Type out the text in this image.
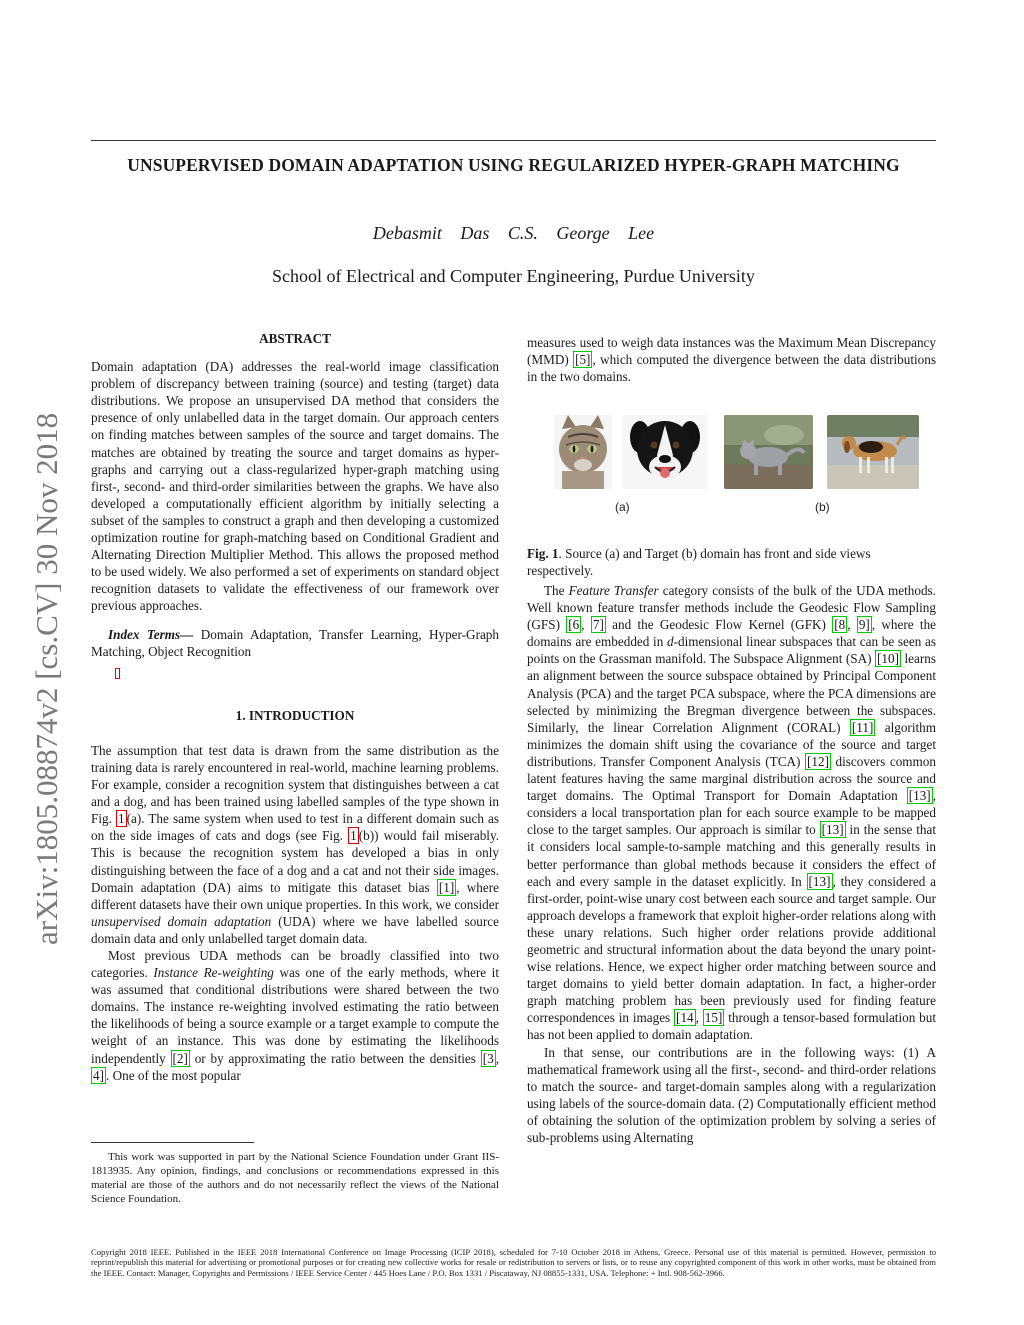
UNSUPERVISED DOMAIN ADAPTATION USING REGULARIZED HYPER-GRAPH MATCHING
Debasmit Das C.S. George Lee
School of Electrical and Computer Engineering, Purdue University
arXiv:1805.08874v2 [cs.CV] 30 Nov 2018

ABSTRACT

Domain adaptation (DA) addresses the real-world image classification problem of discrepancy between training (source) and testing (target) data distributions. We propose an unsupervised DA method that considers the presence of only unlabelled data in the target domain. Our approach centers on finding matches between samples of the source and target domains. The matches are obtained by treating the source and target domains as hyper-graphs and carrying out a class-regularized hyper-graph matching using first-, second- and third-order similarities between the graphs. We have also developed a computationally efficient algorithm by initially selecting a subset of the samples to construct a graph and then developing a customized optimization routine for graph-matching based on Conditional Gradient and Alternating Direction Multiplier Method. This allows the proposed method to be used widely. We also performed a set of experiments on standard object recognition datasets to validate the effectiveness of our framework over previous approaches.

Index Terms— Domain Adaptation, Transfer Learning, Hyper-Graph Matching, Object Recognition

1. INTRODUCTION

The assumption that test data is drawn from the same distribution as the training data is rarely encountered in real-world, machine learning problems. For example, consider a recognition system that distinguishes between a cat and a dog, and has been trained using labelled samples of the type shown in Fig. 1 (a). The same system when used to test in a different domain such as on the side images of cats and dogs (see Fig. 1 (b)) would fail miserably. This is because the recognition system has developed a bias in only distinguishing between the face of a dog and a cat and not their side images. Domain adaptation (DA) aims to mitigate this dataset bias [1] , where different datasets have their own unique properties. In this work, we consider unsupervised domain adaptation (UDA) where we have labelled source domain data and only unlabelled target domain data.

Most previous UDA methods can be broadly classified into two categories. Instance Re-weighting was one of the early methods, where it was assumed that conditional distributions were shared between the two domains. The instance re-weighting involved estimating the ratio between the likelihoods of being a source example or a target example to compute the weight of an instance. This was done by estimating the likelihoods independently [2] or by approximating the ratio between the densities [3 , 4] . One of the most popular

This work was supported in part by the National Science Foundation under Grant IIS-1813935. Any opinion, findings, and conclusions or recommendations expressed in this material are those of the authors and do not necessarily reflect the views of the National Science Foundation.

measures used to weigh data instances was the Maximum Mean Discrepancy (MMD) [5] , which computed the divergence between the data distributions in the two domains.

(a)	(b)
Fig. 1. Source (a) and Target (b) domain has front and side views respectively.

The Feature Transfer category consists of the bulk of the UDA methods. Well known feature transfer methods include the Geodesic Flow Sampling (GFS) [6 , 7] and the Geodesic Flow Kernel (GFK) [8 , 9] , where the domains are embedded in d-dimensional linear subspaces that can be seen as points on the Grassman manifold. The Subspace Alignment (SA) [10] learns an alignment between the source subspace obtained by Principal Component Analysis (PCA) and the target PCA subspace, where the PCA dimensions are selected by minimizing the Bregman divergence between the subspaces. Similarly, the linear Correlation Alignment (CORAL) [11] algorithm minimizes the domain shift using the covariance of the source and target distributions. Transfer Component Analysis (TCA) [12] discovers common latent features having the same marginal distribution across the source and target domains. The Optimal Transport for Domain Adaptation [13] , considers a local transportation plan for each source example to be mapped close to the target samples. Our approach is similar to [13] in the sense that it considers local sample-to-sample matching and this generally results in better performance than global methods because it considers the effect of each and every sample in the dataset explicitly. In [13] , they considered a first-order, point-wise unary cost between each source and target sample. Our approach develops a framework that exploit higher-order relations along with these unary relations. Such higher order relations provide additional geometric and structural information about the data beyond the unary point-wise relations. Hence, we expect higher order matching between source and target domains to yield better domain adaptation. In fact, a higher-order graph matching problem has been previously used for finding feature correspondences in images [14 , 15] through a tensor-based formulation but has not been applied to domain adaptation.

In that sense, our contributions are in the following ways: (1) A mathematical framework using all the first-, second- and third-order relations to match the source- and target-domain samples along with a regularization using labels of the source-domain data. (2) Computationally efficient method of obtaining the solution of the optimization problem by solving a series of sub-problems using Alternating

Copyright 2018 IEEE. Published in the IEEE 2018 International Conference on Image Processing (ICIP 2018), scheduled for 7-10 October 2018 in Athens, Greece. Personal use of this material is permitted. However, permission to reprint/republish this material for advertising or promotional purposes or for creating new collective works for resale or redistribution to servers or lists, or to reuse any copyrighted component of this work in other works, must be obtained from the IEEE. Contact: Manager, Copyrights and Permissions / IEEE Service Center / 445 Hoes Lane / P.O. Box 1331 / Piscataway, NJ 08855-1331, USA. Telephone: + Intl. 908-562-3966.
